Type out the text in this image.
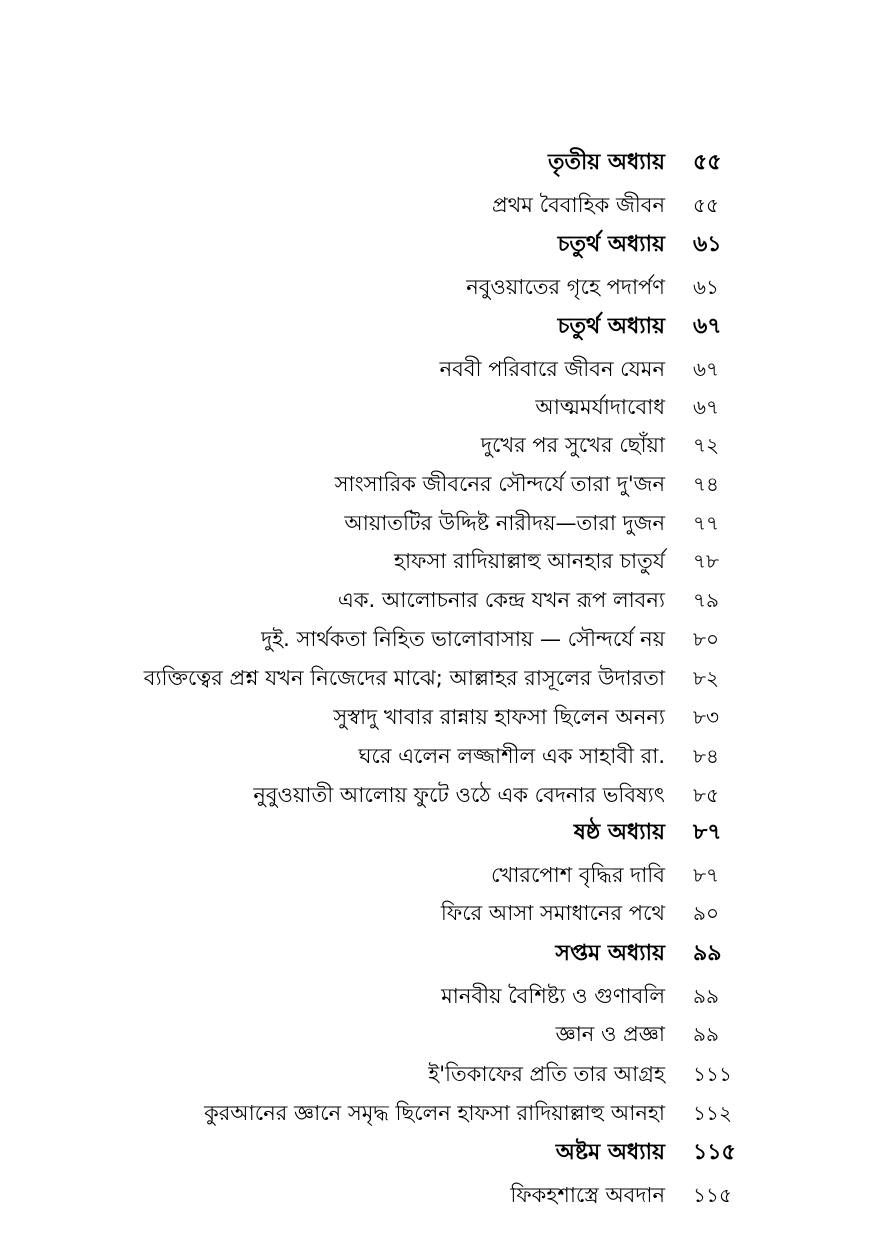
তৃতীয় অধ্যায় ৫৫
প্রথম বৈবাহিক জীবন ৫৫
চতুর্থ অধ্যায় ৬১
নবুওয়াতের গৃহে পদার্পণ ৬১
চতুর্থ অধ্যায় ৬৭
নববী পরিবারে জীবন যেমন ৬৭
আত্মমর্যাদাবোধ ৬৭
দুখের পর সুখের ছোঁয়া ৭২
সাংসারিক জীবনের সৌন্দর্যে তারা দু'জন ৭৪
আয়াতটির উদ্দিষ্ট নারীদয়—তারা দুজন ৭৭
হাফসা রাদিয়াল্লাহু আনহার চাতুর্য ৭৮
এক. আলোচনার কেন্দ্র যখন রূপ লাবন্য ৭৯
দুই. সার্থকতা নিহিত ভালোবাসায় — সৌন্দর্যে নয় ৮০
ব্যক্তিত্বের প্রশ্ন যখন নিজেদের মাঝে; আল্লাহর রাসূলের উদারতা ৮২
সুস্বাদু খাবার রান্নায় হাফসা ছিলেন অনন্য ৮৩
ঘরে এলেন লজ্জাশীল এক সাহাবী রা. ৮৪
নুবুওয়াতী আলোয় ফুটে ওঠে এক বেদনার ভবিষ্যৎ ৮৫
ষষ্ঠ অধ্যায় ৮৭
খোরপোশ বৃদ্ধির দাবি ৮৭
ফিরে আসা সমাধানের পথে ৯০
সপ্তম অধ্যায় ৯৯
মানবীয় বৈশিষ্ট্য ও গুণাবলি ৯৯
জ্ঞান ও প্রজ্ঞা ৯৯
ই'তিকাফের প্রতি তার আগ্রহ ১১১
কুরআনের জ্ঞানে সমৃদ্ধ ছিলেন হাফসা রাদিয়াল্লাহু আনহা ১১২
অষ্টম অধ্যায় ১১৫
ফিকহশাস্ত্রে অবদান ১১৫
